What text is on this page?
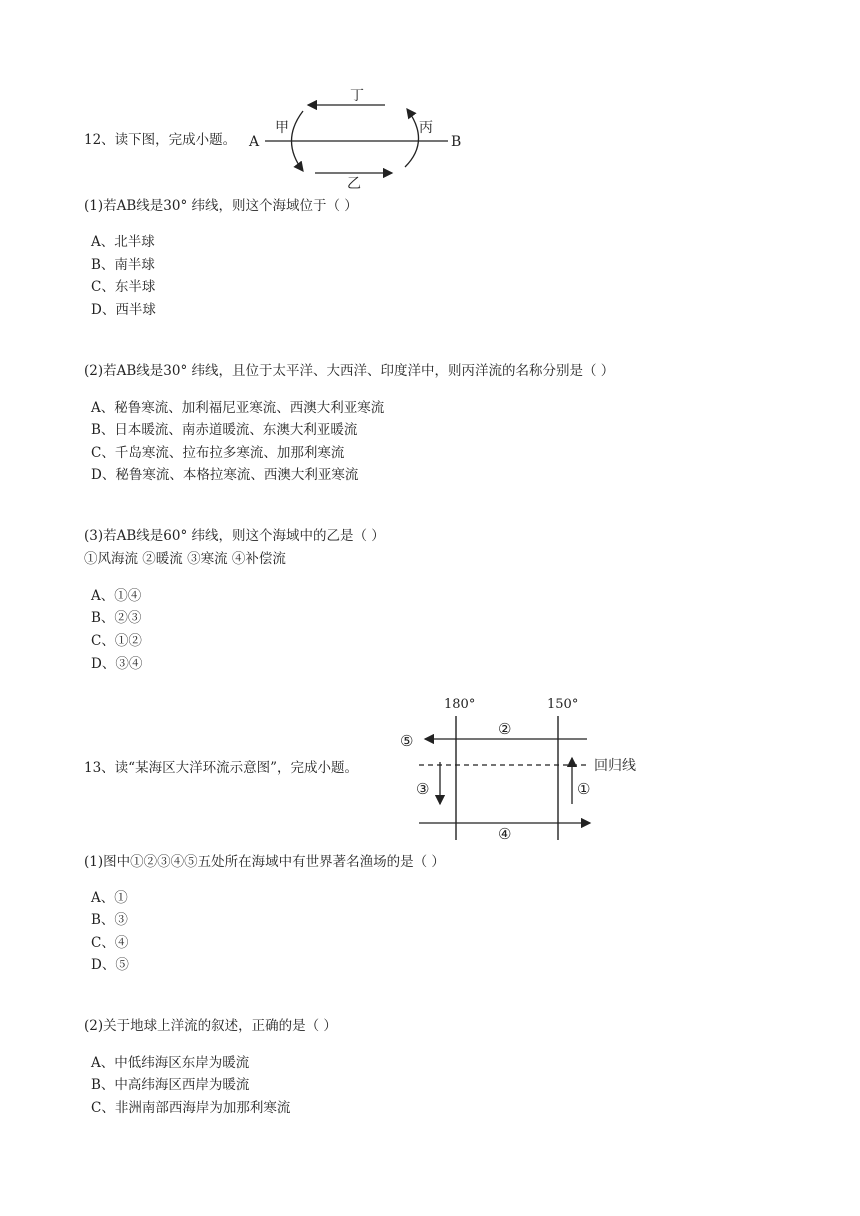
12、读下图，完成小题。
丁
甲	丙
乙
A	B
(1)若AB线是30° 纬线，则这个海域位于（ ）
A、北半球
B、南半球
C、东半球
D、西半球
(2)若AB线是30° 纬线，且位于太平洋、大西洋、印度洋中，则丙洋流的名称分别是（ ）
A、秘鲁寒流、加利福尼亚寒流、西澳大利亚寒流
B、日本暖流、南赤道暖流、东澳大利亚暖流
C、千岛寒流、拉布拉多寒流、加那利寒流
D、秘鲁寒流、本格拉寒流、西澳大利亚寒流
(3)若AB线是60° 纬线，则这个海域中的乙是（ ）
①风海流 ②暖流 ③寒流 ④补偿流
A、①④
B、②③
C、①②
D、③④
13、读“某海区大洋环流示意图”，完成小题。
180°	150°
②
⑤
回归线
③	①
④
(1)图中①②③④⑤五处所在海域中有世界著名渔场的是（ ）
A、①
B、③
C、④
D、⑤
(2)关于地球上洋流的叙述，正确的是（ ）
A、中低纬海区东岸为暖流
B、中高纬海区西岸为暖流
C、非洲南部西海岸为加那利寒流
